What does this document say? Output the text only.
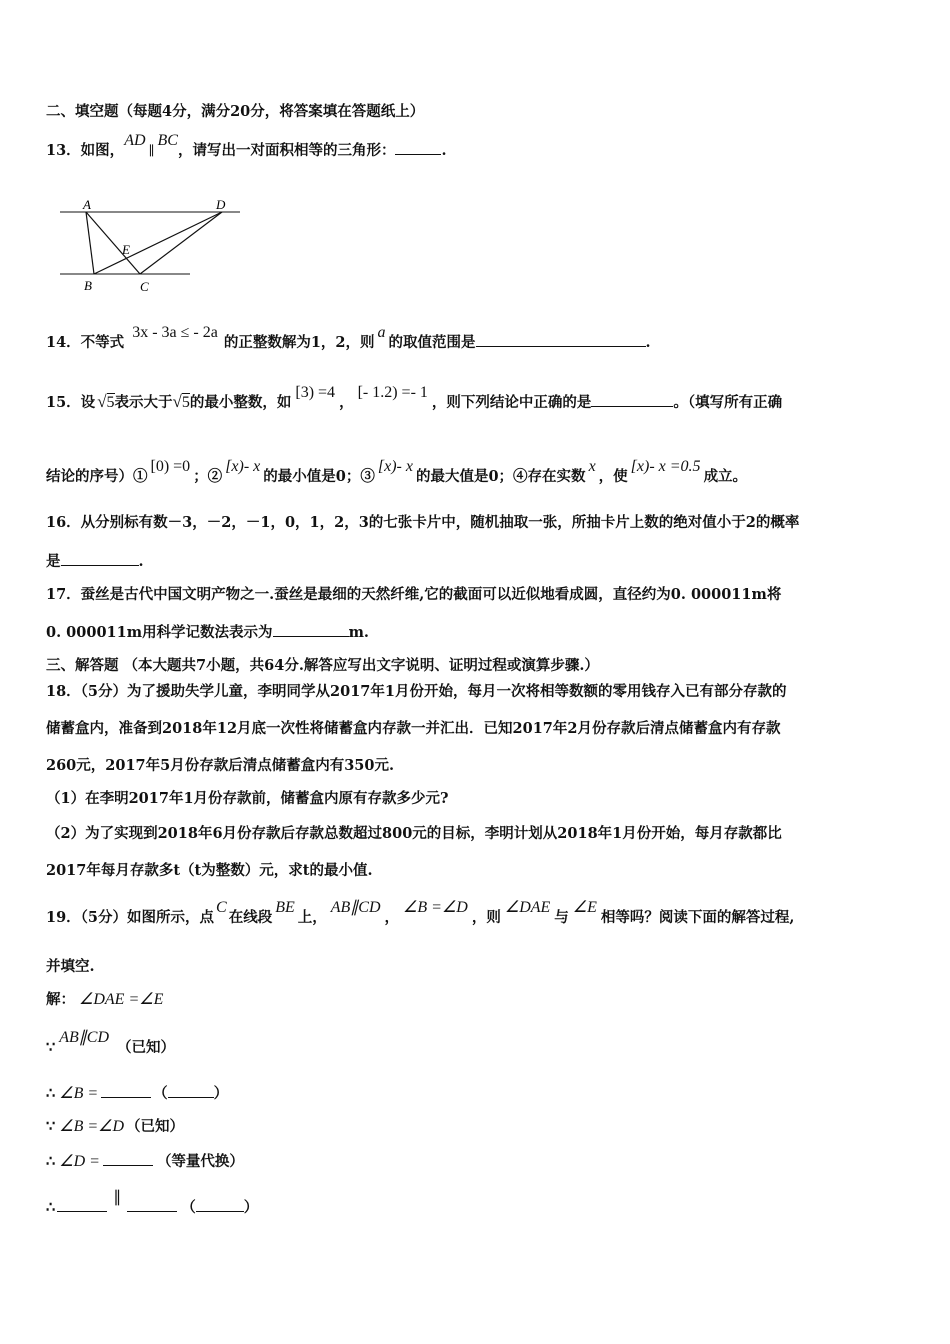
二、填空题（每题4分，满分20分，将答案填在答题纸上）
13．如图，AD∥BC，请写出一对面积相等的三角形：	.
A	D
E
B	C
14．不等式3x - 3a ≤ - 2a的正整数解为1，2，则a的取值范围是	.
15．设 √5表示大于√5的最小整数，如[3) =4，[- 1.2) =- 1，则下列结论中正确的是	。（填写所有正确
结论的序号）①[0) =0；②[x)- x的最小值是0；③[x)- x的最大值是0；④存在实数x，使[x)- x =0.5成立。
16．从分别标有数－3，－2，－1，0，1，2，3的七张卡片中，随机抽取一张，所抽卡片上数的绝对值小于2的概率
是	.
17．蚕丝是古代中国文明产物之一.蚕丝是最细的天然纤维,它的截面可以近似地看成圆，直径约为0. 000011m将
0. 000011m用科学记数法表示为	m.
三、解答题 （本大题共7小题，共64分.解答应写出文字说明、证明过程或演算步骤.）
18．（5分）为了援助失学儿童，李明同学从2017年1月份开始，每月一次将相等数额的零用钱存入已有部分存款的
储蓄盒内，准备到2018年12月底一次性将储蓄盒内存款一并汇出．已知2017年2月份存款后清点储蓄盒内有存款
260元，2017年5月份存款后清点储蓄盒内有350元.
（1）在李明2017年1月份存款前，储蓄盒内原有存款多少元?
（2）为了实现到2018年6月份存款后存款总数超过800元的目标，李明计划从2018年1月份开始，每月存款都比
2017年每月存款多t（t为整数）元，求t的最小值.
19．（5分）如图所示，点C在线段BE上，AB∥CD，∠B =∠D，则∠DAE与∠E相等吗？阅读下面的解答过程,
并填空.
解： ∠DAE =∠E
∵AB∥CD（已知）
∴ ∠B =	（	）
∵ ∠B =∠D （已知）
∴ ∠D =	（等量代换）
∴∥（	）
